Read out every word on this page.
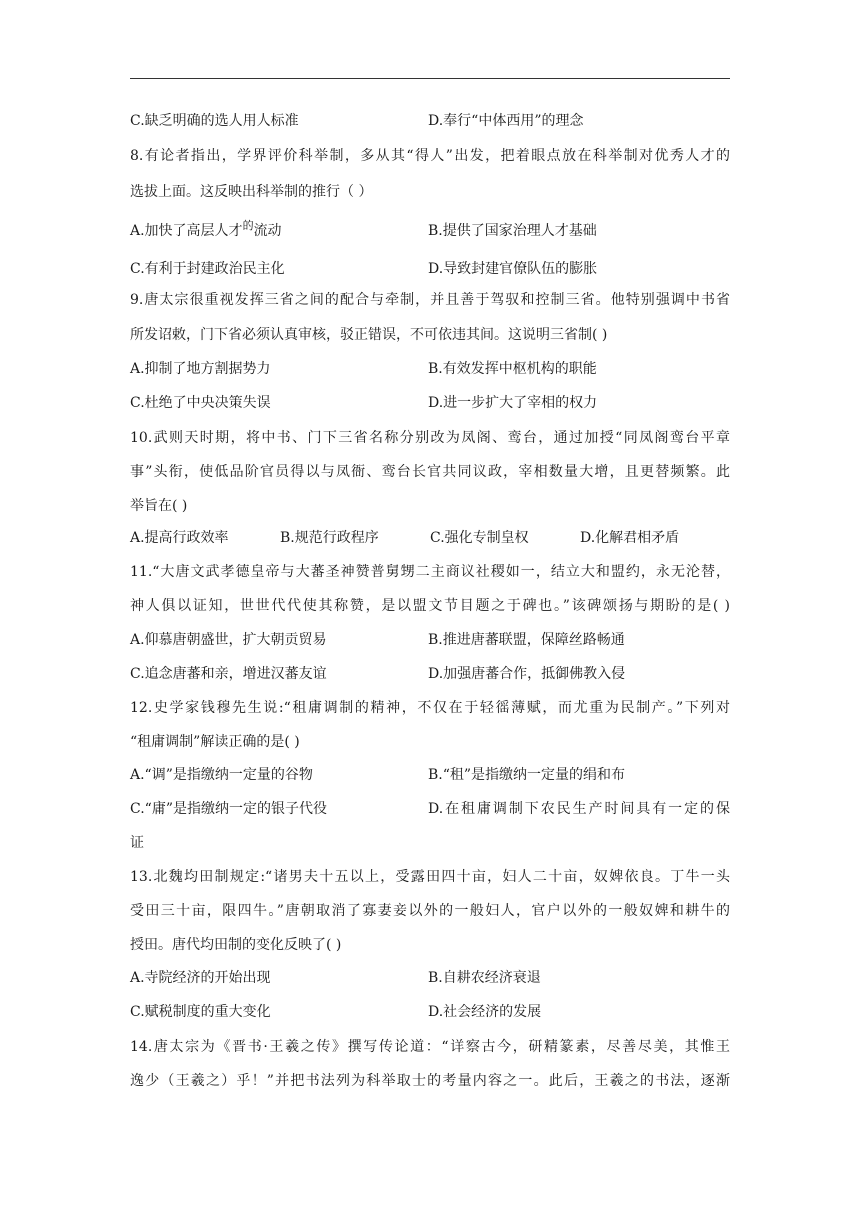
C.缺乏明确的选人用人标准	D.奉行“中体西用”的理念
8.有论者指出，学界评价科举制，多从其“得人”出发，把着眼点放在科举制对优秀人才的
选拔上面。这反映出科举制的推行（ ）
A.加快了高层人才$^的$流动	B.提供了国家治理人才基础
C.有利于封建政治民主化	D.导致封建官僚队伍的膨胀
9.唐太宗很重视发挥三省之间的配合与牵制，并且善于驾驭和控制三省。他特别强调中书省
所发诏敕，门下省必须认真审核，驳正错误，不可依违其间。这说明三省制( )
A.抑制了地方割据势力	B.有效发挥中枢机构的职能
C.杜绝了中央决策失误	D.进一步扩大了宰相的权力
10.武则天时期，将中书、门下三省名称分别改为凤阁、鸾台，通过加授“同凤阁鸾台平章
事”头衔，使低品阶官员得以与凤衙、鸾台长官共同议政，宰相数量大增，且更替频繁。此
举旨在( )
A.提高行政效率	B.规范行政程序	C.强化专制皇权	D.化解君相矛盾
11.“大唐文武孝德皇帝与大蕃圣神赞普舅甥二主商议社稷如一，结立大和盟约，永无沦替，
神人俱以证知，世世代代使其称赞，是以盟文节目题之于碑也。”该碑颂扬与期盼的是( )
A.仰慕唐朝盛世，扩大朝贡贸易	B.推进唐蕃联盟，保障丝路畅通
C.追念唐蕃和亲，增进汉蕃友谊	D.加强唐蕃合作，抵御佛教入侵
12.史学家钱穆先生说:“租庸调制的精神，不仅在于轻徭薄赋，而尤重为民制产。”下列对
“租庸调制”解读正确的是( )
A.“调”是指缴纳一定量的谷物	B.“租”是指缴纳一定量的绢和布
C.“庸”是指缴纳一定的银子代役	D.在租庸调制下农民生产时间具有一定的保
证
13.北魏均田制规定:“诸男夫十五以上，受露田四十亩，妇人二十亩，奴婢依良。丁牛一头
受田三十亩，限四牛。”唐朝取消了寡妻妾以外的一般妇人，官户以外的一般奴婢和耕牛的
授田。唐代均田制的变化反映了( )
A.寺院经济的开始出现	B.自耕农经济衰退
C.赋税制度的重大变化	D.社会经济的发展
14.唐太宗为《晋书·王羲之传》撰写传论道：“详察古今，研精篆素，尽善尽美，其惟王
逸少（王羲之）乎！”并把书法列为科举取士的考量内容之一。此后，王羲之的书法，逐渐
